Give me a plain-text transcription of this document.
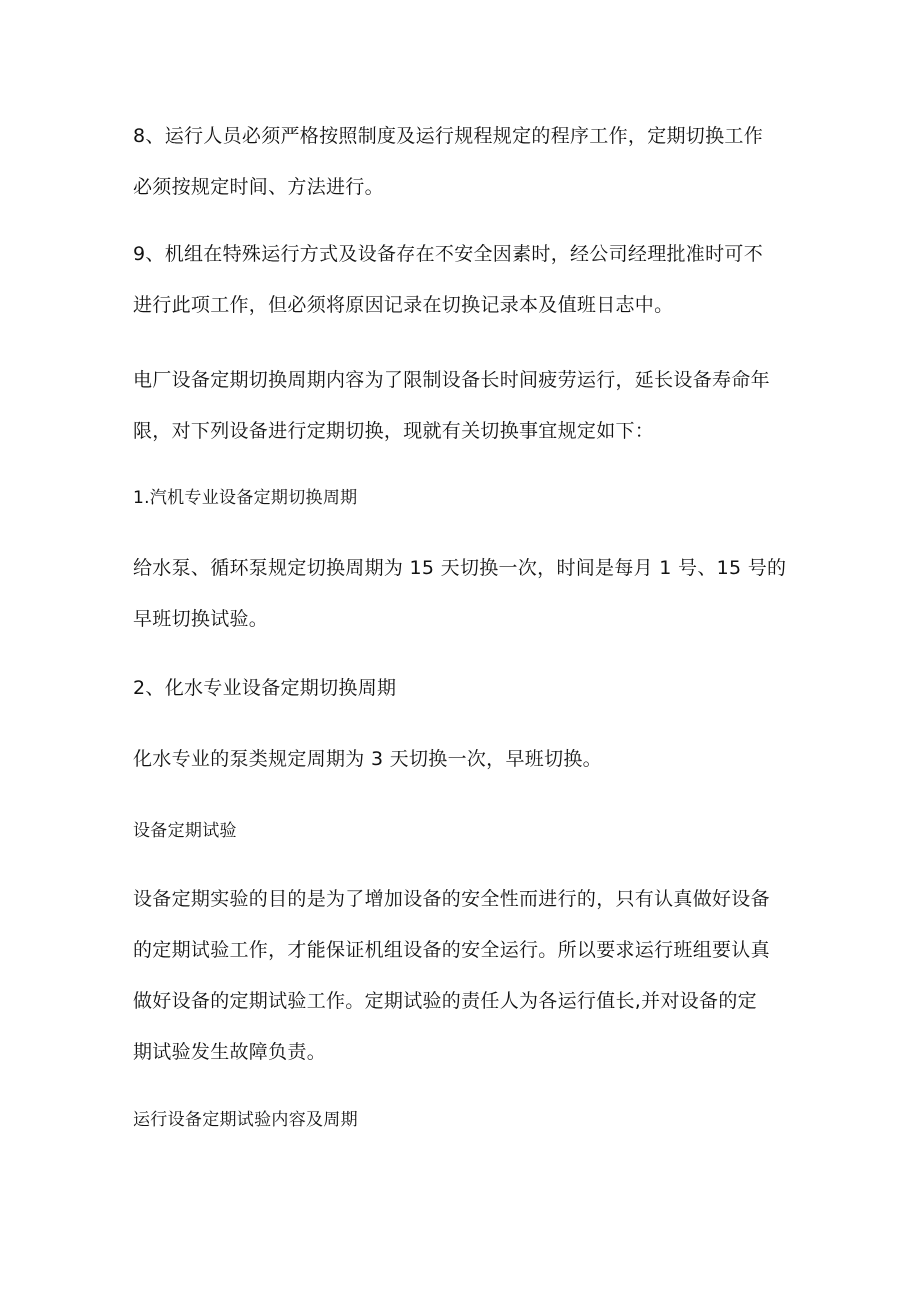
8、运行人员必须严格按照制度及运行规程规定的程序工作，定期切换工作
必须按规定时间、方法进行。

9、机组在特殊运行方式及设备存在不安全因素时，经公司经理批准时可不
进行此项工作，但必须将原因记录在切换记录本及值班日志中。

电厂设备定期切换周期内容为了限制设备长时间疲劳运行，延长设备寿命年
限，对下列设备进行定期切换，现就有关切换事宜规定如下：

1.汽机专业设备定期切换周期

给水泵、循环泵规定切换周期为 15 天切换一次，时间是每月 1 号、15 号的
早班切换试验。

2、化水专业设备定期切换周期

化水专业的泵类规定周期为 3 天切换一次，早班切换。

设备定期试验

设备定期实验的目的是为了增加设备的安全性而进行的，只有认真做好设备
的定期试验工作，才能保证机组设备的安全运行。所以要求运行班组要认真
做好设备的定期试验工作。定期试验的责任人为各运行值长,并对设备的定
期试验发生故障负责。

运行设备定期试验内容及周期
